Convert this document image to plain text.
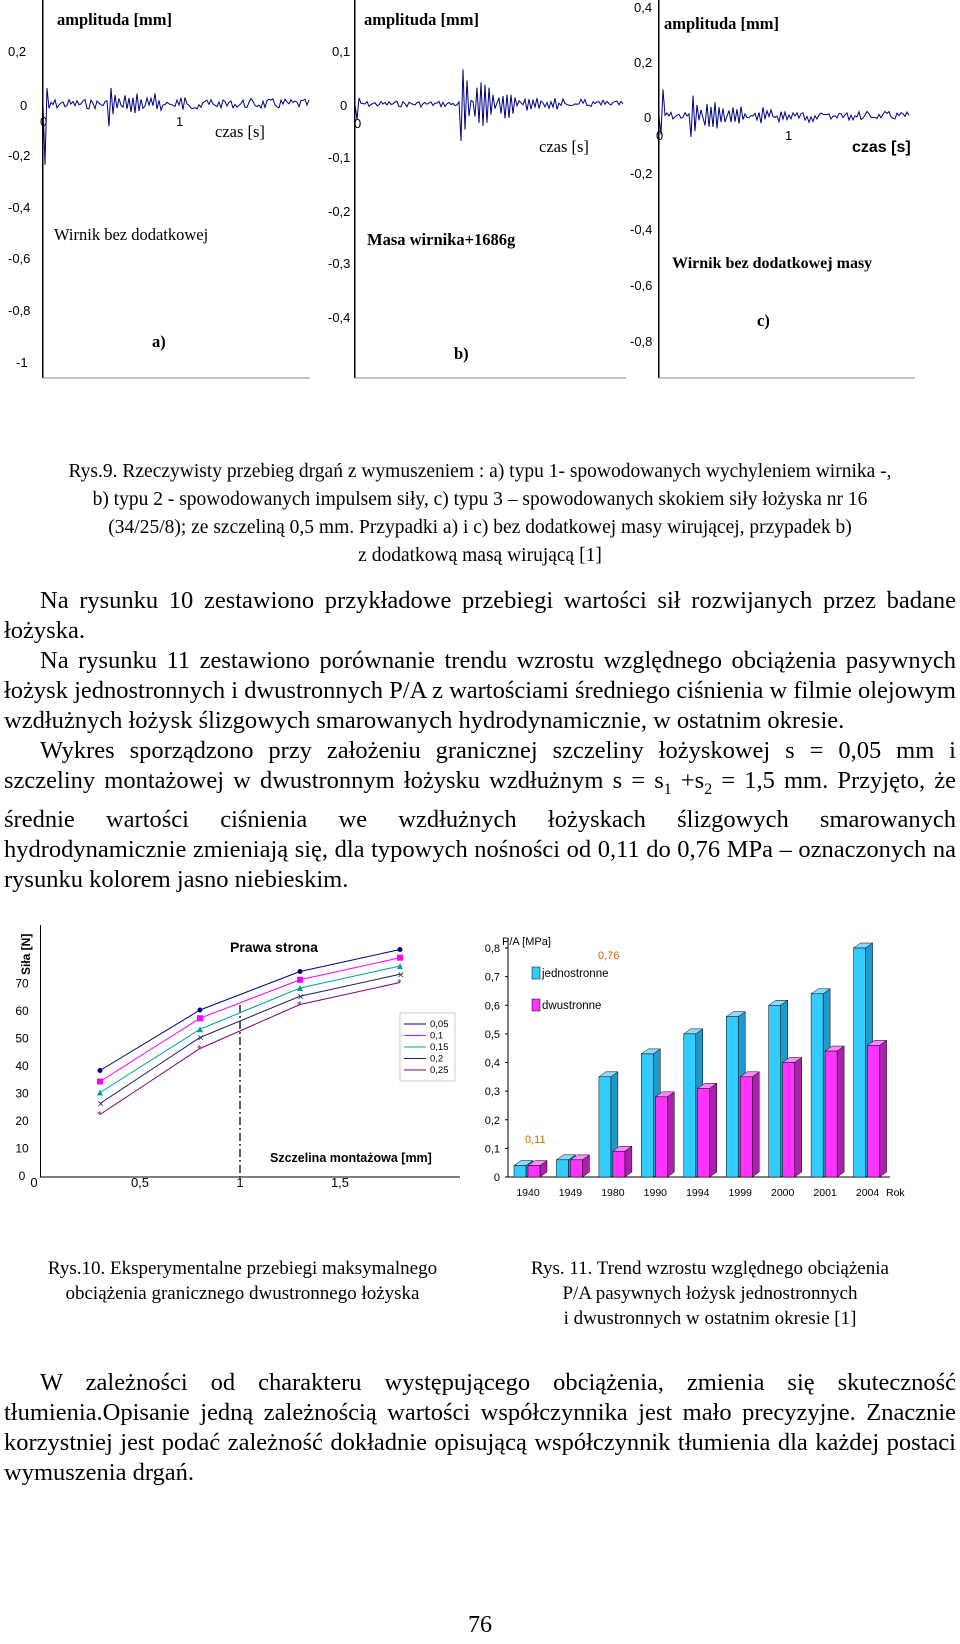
amplituda [mm]
0,2
0
-0,2
-0,4
-0,6
-0,8
-1
0	1
czas [s]
Wirnik bez dodatkowej
a)
amplituda [mm]
0,1
0
-0,1
-0,2
-0,3
-0,4
0
czas [s]
Masa wirnika+1686g
b)
0,4
amplituda [mm]
0,2
0
-0,2
-0,4
-0,6
-0,8
0	1
czas [s]
Wirnik bez dodatkowej masy
c)
Rys.9. Rzeczywisty przebieg drgań z wymuszeniem : a) typu 1- spowodowanych wychyleniem wirnika -,
b) typu 2 - spowodowanych impulsem siły, c) typu 3 – spowodowanych skokiem siły łożyska nr 16
(34/25/8); ze szczeliną 0,5 mm. Przypadki a) i c) bez dodatkowej masy wirującej, przypadek b)
z dodatkową masą wirującą [1]

Na rysunku 10 zestawiono przykładowe przebiegi wartości sił rozwijanych przez badane łożyska.

Na rysunku 11 zestawiono porównanie trendu wzrostu względnego obciążenia pasywnych łożysk jednostronnych i dwustronnych P/A z wartościami średniego ciśnienia w filmie olejowym wzdłużnych łożysk ślizgowych smarowanych hydrodynamicznie, w ostatnim okresie.

Wykres sporządzono przy założeniu granicznej szczeliny łożyskowej s = 0,05 mm i szczeliny montażowej w dwustronnym łożysku wzdłużnym $s = s_1 +s_2 = 1,5$ mm. Przyjęto, że średnie wartości ciśnienia we wzdłużnych łożyskach ślizgowych smarowanych hydrodynamicznie zmieniają się, dla typowych nośności od 0,11 do 0,76 MPa – oznaczonych na rysunku kolorem jasno niebieskim.

Siła [N]
0
10
20
30
40
50
60
70
0	0,5	1	1,5
Prawa strona
Szczelina montażowa [mm]
×
×
×
×
*
*
*
*
0,05
0,1
0,15
0,2
0,25
0
0,1
0,2
0,3
0,4
0,5
0,6
0,7
0,8
P/A [MPa]
1940 1949 1980 1990 1994 1999 2000 2001 2004 Rok
jednostronne
dwustronne
0,76
0,11
Rys.10. Eksperymentalne przebiegi maksymalnego obciążenia granicznego dwustronnego łożyska
Rys. 11. Trend wzrostu względnego obciążenia
P/A pasywnych łożysk jednostronnych
i dwustronnych w ostatnim okresie [1]

W zależności od charakteru występującego obciążenia, zmienia się skuteczność tłumienia.Opisanie jedną zależnością wartości współczynnika jest mało precyzyjne. Znacznie korzystniej jest podać zależność dokładnie opisującą współczynnik tłumienia dla każdej postaci wymuszenia drgań.

76
